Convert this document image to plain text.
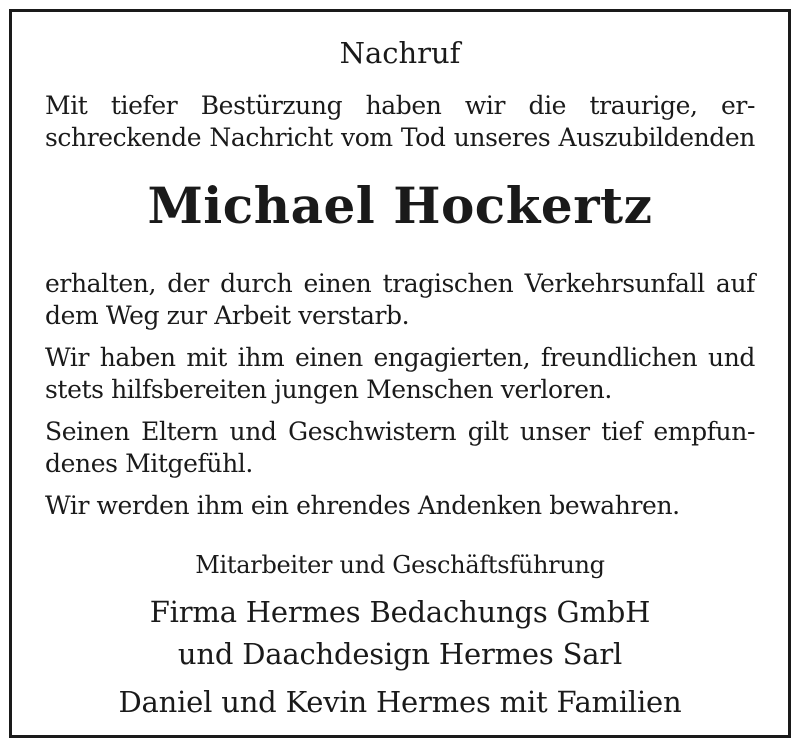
Nachruf
Mit tiefer Bestürzung haben wir die traurige, er-
schreckende Nachricht vom Tod unseres Auszubildenden
Michael Hockertz
erhalten, der durch einen tragischen Verkehrsunfall auf
dem Weg zur Arbeit verstarb.
Wir haben mit ihm einen engagierten, freundlichen und
stets hilfsbereiten jungen Menschen verloren.
Seinen Eltern und Geschwistern gilt unser tief empfun-
denes Mitgefühl.
Wir werden ihm ein ehrendes Andenken bewahren.
Mitarbeiter und Geschäftsführung
Firma Hermes Bedachungs GmbH
und Daachdesign Hermes Sarl
Daniel und Kevin Hermes mit Familien
